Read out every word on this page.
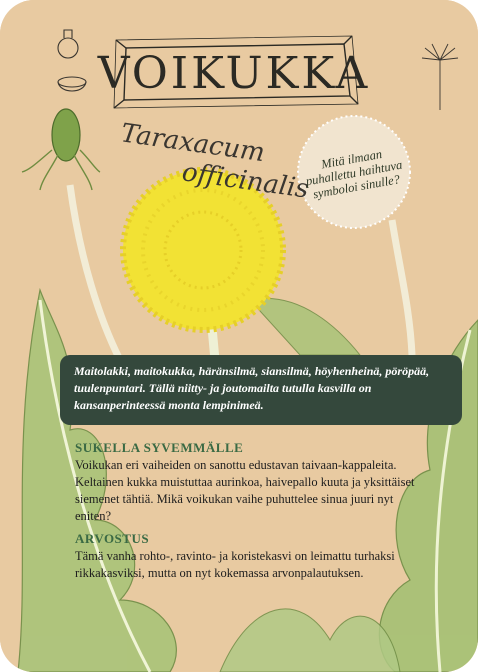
VOIKUKKA
Taraxacum
officinalis Mitä ilmaan puhallettu haihtuva symboloi sinulle?
Maitolakki, maitokukka, häränsilmä, siansilmä, höyhenheinä, pöröpää, tuulenpuntari. Tällä niitty- ja joutomailta tutulla kasvilla on kansanperinteessä monta lempinimeä.
SUKELLA SYVEMMÄLLE
Voikukan eri vaiheiden on sanottu edustavan taivaan-kappaleita. Keltainen kukka muistuttaa aurinkoa, haivepallo kuuta ja yksittäiset siemenet tähtiä. Mikä voikukan vaihe puhuttelee sinua juuri nyt eniten?
ARVOSTUS
Tämä vanha rohto-, ravinto- ja koristekasvi on leimattu turhaksi rikkakasviksi, mutta on nyt kokemassa arvonpalautuksen.
